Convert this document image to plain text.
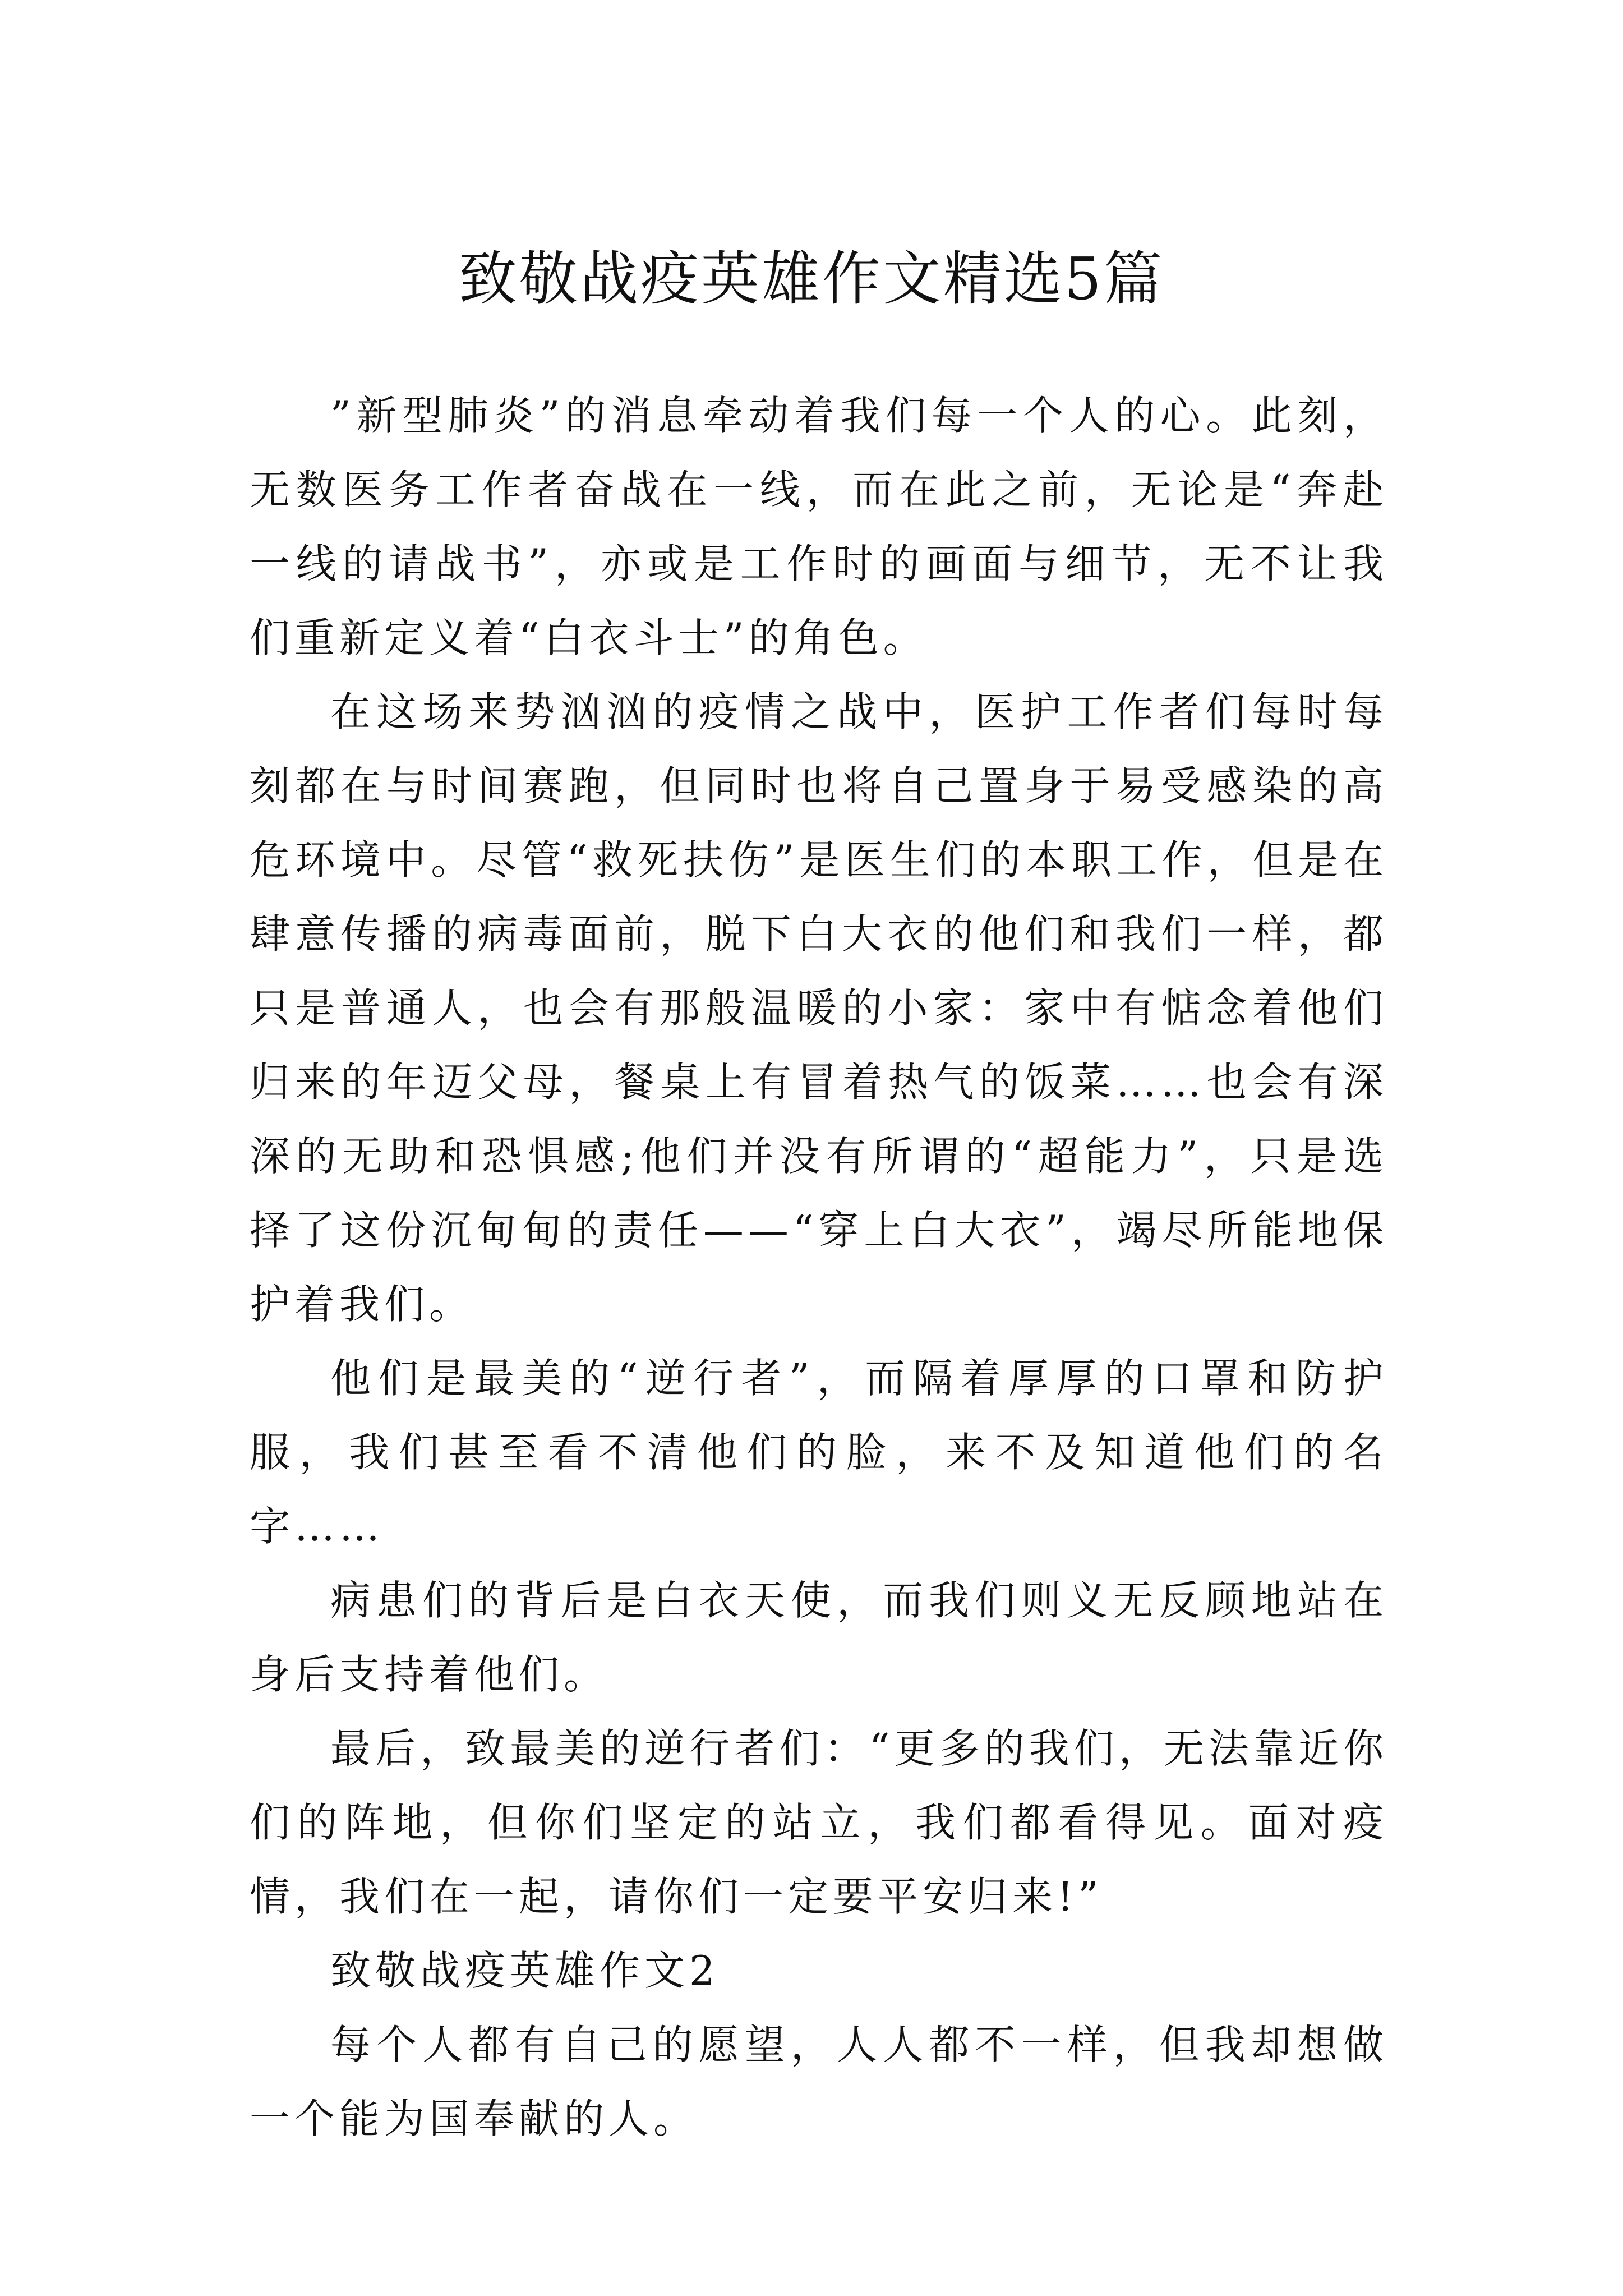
致敬战疫英雄作文精选5篇

”新型肺炎”的消息牵动着我们每一个人的心。此刻，无数医务工作者奋战在一线，而在此之前，无论是“奔赴一线的请战书”，亦或是工作时的画面与细节，无不让我们重新定义着“白衣斗士”的角色。

在这场来势汹汹的疫情之战中，医护工作者们每时每刻都在与时间赛跑，但同时也将自己置身于易受感染的高危环境中。尽管“救死扶伤”是医生们的本职工作，但是在肆意传播的病毒面前，脱下白大衣的他们和我们一样，都只是普通人，也会有那般温暖的小家：家中有惦念着他们归来的年迈父母，餐桌上有冒着热气的饭菜……也会有深深的无助和恐惧感;他们并没有所谓的“超能力”，只是选择了这份沉甸甸的责任——“穿上白大衣”，竭尽所能地保护着我们。

他们是最美的“逆行者”，而隔着厚厚的口罩和防护服，我们甚至看不清他们的脸，来不及知道他们的名字……

病患们的背后是白衣天使，而我们则义无反顾地站在身后支持着他们。

最后，致最美的逆行者们：“更多的我们，无法靠近你们的阵地，但你们坚定的站立，我们都看得见。面对疫情，我们在一起，请你们一定要平安归来!”

致敬战疫英雄作文2

每个人都有自己的愿望，人人都不一样，但我却想做一个能为国奉献的人。
